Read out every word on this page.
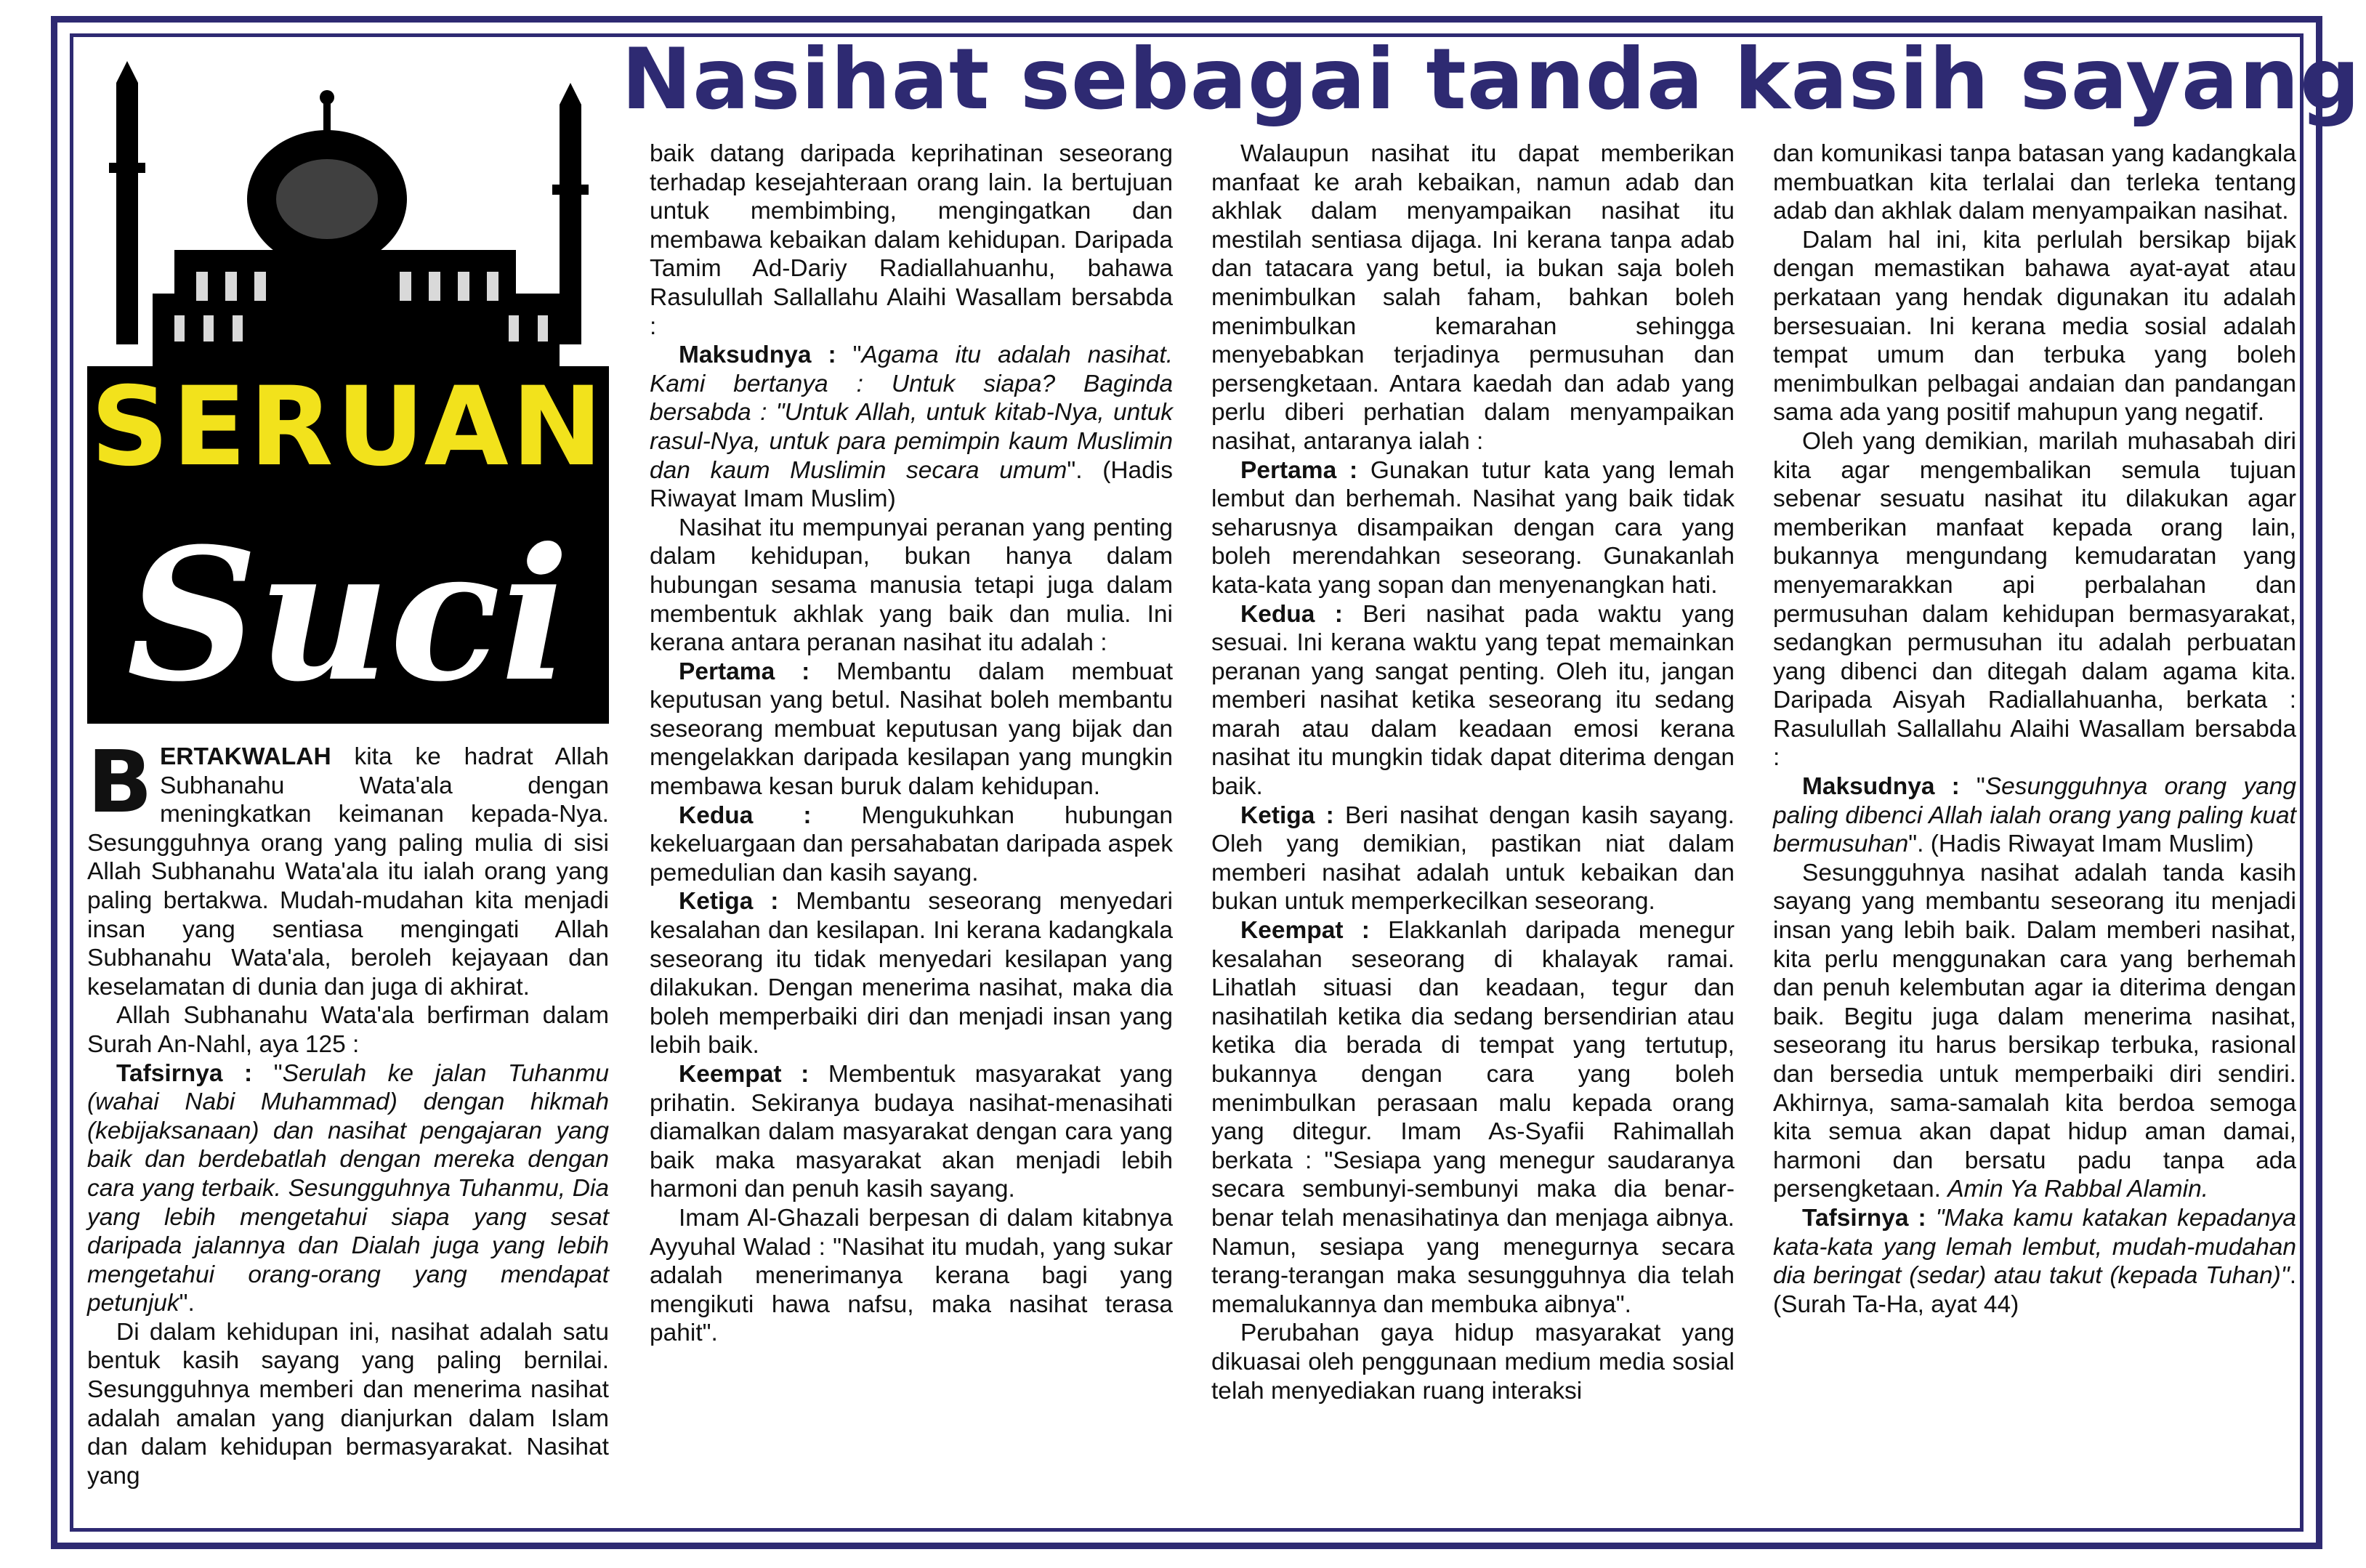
Nasihat sebagai tanda kasih sayang
SERUAN
Suci

BERTAKWALAH kita ke hadrat Allah Subhanahu Wata'ala dengan meningkatkan keimanan kepada-Nya. Sesungguhnya orang yang paling mulia di sisi Allah Subhanahu Wata'ala itu ialah orang yang paling bertakwa. Mudah-mudahan kita menjadi insan yang sentiasa mengingati Allah Subhanahu Wata'ala, beroleh kejayaan dan keselamatan di dunia dan juga di akhirat.

Allah Subhanahu Wata'ala berfirman dalam Surah An-Nahl, aya 125 :

Tafsirnya : "Serulah ke jalan Tuhanmu (wahai Nabi Muhammad) dengan hikmah (kebijaksanaan) dan nasihat pengajaran yang baik dan berdebatlah dengan mereka dengan cara yang terbaik. Sesungguhnya Tuhanmu, Dia yang lebih mengetahui siapa yang sesat daripada jalannya dan Dialah juga yang lebih mengetahui orang-orang yang mendapat petunjuk".

Di dalam kehidupan ini, nasihat adalah satu bentuk kasih sayang yang paling bernilai. Sesungguhnya memberi dan menerima nasihat adalah amalan yang dianjurkan dalam Islam dan dalam kehidupan bermasyarakat. Nasihat yang

baik datang daripada keprihatinan seseorang terhadap kesejahteraan orang lain. Ia bertujuan untuk membimbing, mengingatkan dan membawa kebaikan dalam kehidupan. Daripada Tamim Ad-Dariy Radiallahuanhu, bahawa Rasulullah Sallallahu Alaihi Wasallam bersabda :

Maksudnya : "Agama itu adalah nasihat. Kami bertanya : Untuk siapa? Baginda bersabda : "Untuk Allah, untuk kitab-Nya, untuk rasul-Nya, untuk para pemimpin kaum Muslimin dan kaum Muslimin secara umum". (Hadis Riwayat Imam Muslim)

Nasihat itu mempunyai peranan yang penting dalam kehidupan, bukan hanya dalam hubungan sesama manusia tetapi juga dalam membentuk akhlak yang baik dan mulia. Ini kerana antara peranan nasihat itu adalah :

Pertama : Membantu dalam membuat keputusan yang betul. Nasihat boleh membantu seseorang membuat keputusan yang bijak dan mengelakkan daripada kesilapan yang mungkin membawa kesan buruk dalam kehidupan.

Kedua : Mengukuhkan hubungan kekeluargaan dan persahabatan daripada aspek pemedulian dan kasih sayang.

Ketiga : Membantu seseorang menyedari kesalahan dan kesilapan. Ini kerana kadangkala seseorang itu tidak menyedari kesilapan yang dilakukan. Dengan menerima nasihat, maka dia boleh memperbaiki diri dan menjadi insan yang lebih baik.

Keempat : Membentuk masyarakat yang prihatin. Sekiranya budaya nasihat-menasihati diamalkan dalam masyarakat dengan cara yang baik maka masyarakat akan menjadi lebih harmoni dan penuh kasih sayang.

Imam Al-Ghazali berpesan di dalam kitabnya Ayyuhal Walad : "Nasihat itu mudah, yang sukar adalah menerimanya kerana bagi yang mengikuti hawa nafsu, maka nasihat terasa pahit".

Walaupun nasihat itu dapat memberikan manfaat ke arah kebaikan, namun adab dan akhlak dalam menyampaikan nasihat itu mestilah sentiasa dijaga. Ini kerana tanpa adab dan tatacara yang betul, ia bukan saja boleh menimbulkan salah faham, bahkan boleh menimbulkan kemarahan sehingga menyebabkan terjadinya permusuhan dan persengketaan. Antara kaedah dan adab yang perlu diberi perhatian dalam menyampaikan nasihat, antaranya ialah :

Pertama : Gunakan tutur kata yang lemah lembut dan berhemah. Nasihat yang baik tidak seharusnya disampaikan dengan cara yang boleh merendahkan seseorang. Gunakanlah kata-kata yang sopan dan menyenangkan hati.

Kedua : Beri nasihat pada waktu yang sesuai. Ini kerana waktu yang tepat memainkan peranan yang sangat penting. Oleh itu, jangan memberi nasihat ketika seseorang itu sedang marah atau dalam keadaan emosi kerana nasihat itu mungkin tidak dapat diterima dengan baik.

Ketiga : Beri nasihat dengan kasih sayang. Oleh yang demikian, pastikan niat dalam memberi nasihat adalah untuk kebaikan dan bukan untuk memperkecilkan seseorang.

Keempat : Elakkanlah daripada menegur kesalahan seseorang di khalayak ramai. Lihatlah situasi dan keadaan, tegur dan nasihatilah ketika dia sedang bersendirian atau ketika dia berada di tempat yang tertutup, bukannya dengan cara yang boleh menimbulkan perasaan malu kepada orang yang ditegur. Imam As-Syafii Rahimallah berkata : "Sesiapa yang menegur saudaranya secara sembunyi-sembunyi maka dia benar-benar telah menasihatinya dan menjaga aibnya. Namun, sesiapa yang menegurnya secara terang-terangan maka sesungguhnya dia telah memalukannya dan membuka aibnya".

Perubahan gaya hidup masyarakat yang dikuasai oleh penggunaan medium media sosial telah menyediakan ruang interaksi

dan komunikasi tanpa batasan yang kadangkala membuatkan kita terlalai dan terleka tentang adab dan akhlak dalam menyampaikan nasihat.

Dalam hal ini, kita perlulah bersikap bijak dengan memastikan bahawa ayat-ayat atau perkataan yang hendak digunakan itu adalah bersesuaian. Ini kerana media sosial adalah tempat umum dan terbuka yang boleh menimbulkan pelbagai andaian dan pandangan sama ada yang positif mahupun yang negatif.

Oleh yang demikian, marilah muhasabah diri kita agar mengembalikan semula tujuan sebenar sesuatu nasihat itu dilakukan agar memberikan manfaat kepada orang lain, bukannya mengundang kemudaratan yang menyemarakkan api perbalahan dan permusuhan dalam kehidupan bermasyarakat, sedangkan permusuhan itu adalah perbuatan yang dibenci dan ditegah dalam agama kita. Daripada Aisyah Radiallahuanha, berkata : Rasulullah Sallallahu Alaihi Wasallam bersabda :

Maksudnya : "Sesungguhnya orang yang paling dibenci Allah ialah orang yang paling kuat bermusuhan". (Hadis Riwayat Imam Muslim)

Sesungguhnya nasihat adalah tanda kasih sayang yang membantu seseorang itu menjadi insan yang lebih baik. Dalam memberi nasihat, kita perlu menggunakan cara yang berhemah dan penuh kelembutan agar ia diterima dengan baik. Begitu juga dalam menerima nasihat, seseorang itu harus bersikap terbuka, rasional dan bersedia untuk memperbaiki diri sendiri. Akhirnya, sama-samalah kita berdoa semoga kita semua akan dapat hidup aman damai, harmoni dan bersatu padu tanpa ada persengketaan. Amin Ya Rabbal Alamin.

Tafsirnya : "Maka kamu katakan kepadanya kata-kata yang lemah lembut, mudah-mudahan dia beringat (sedar) atau takut (kepada Tuhan)". (Surah Ta-Ha, ayat 44)
